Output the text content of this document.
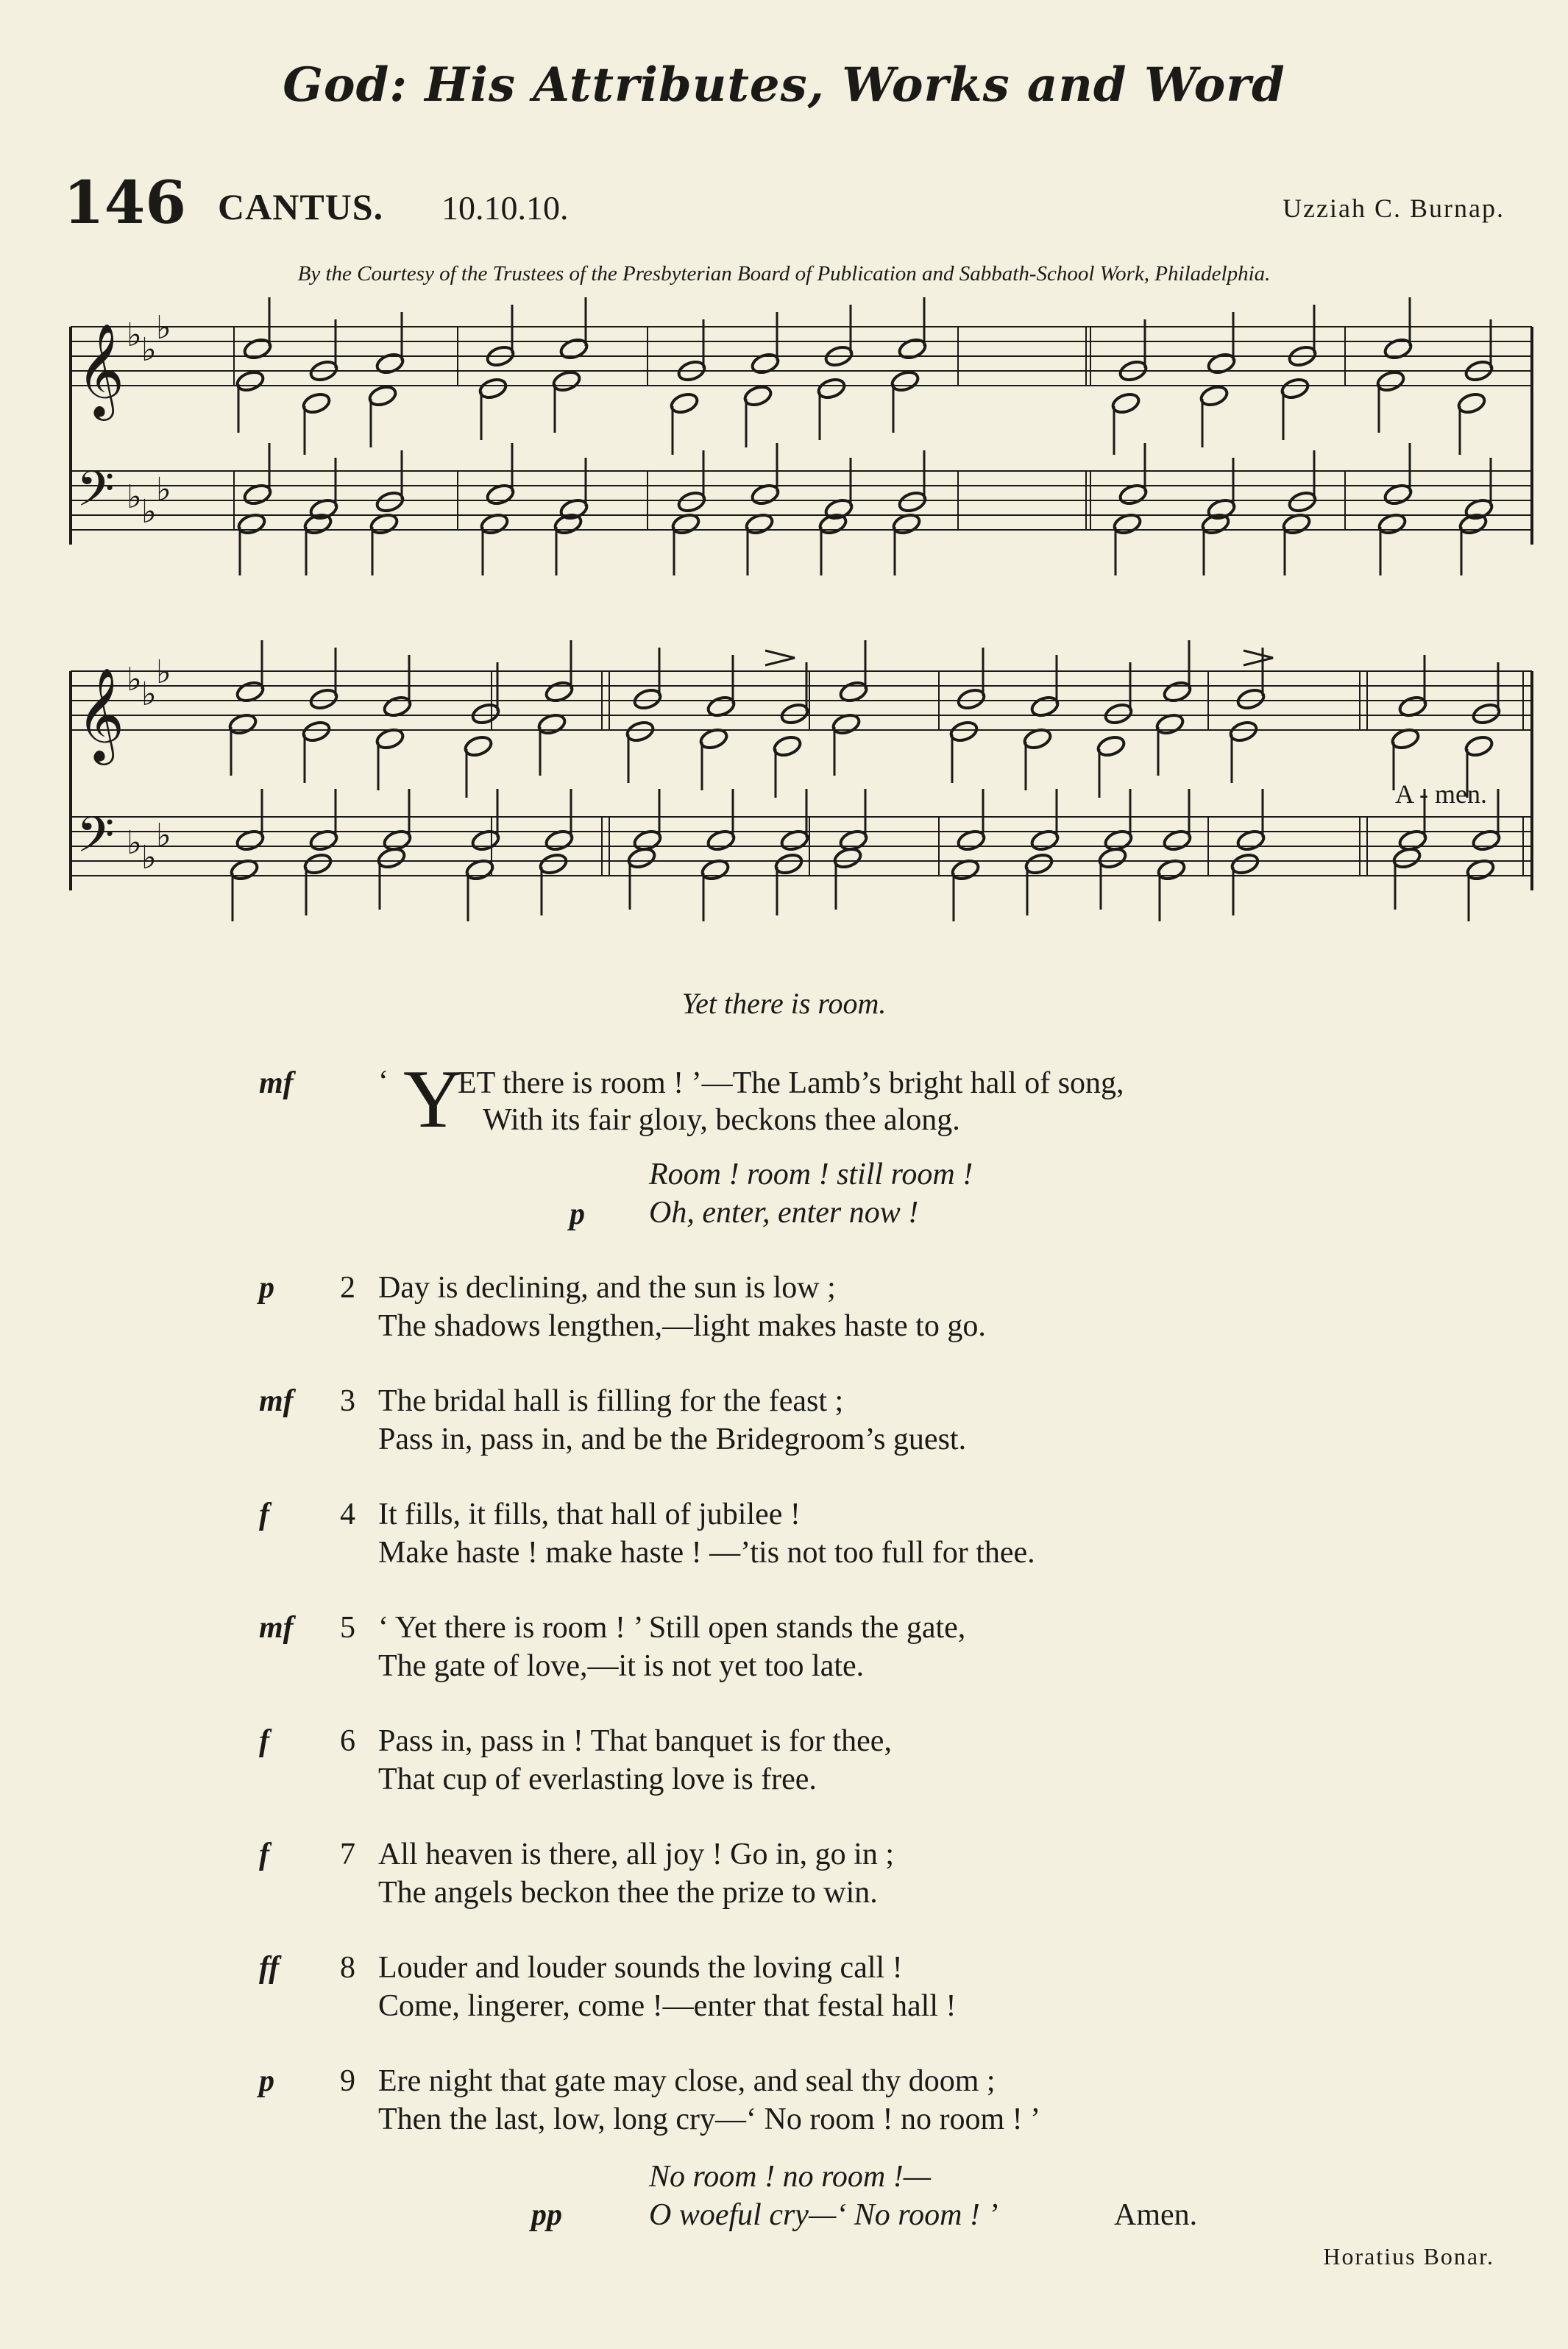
God: His Attributes, Works and Word
146 CANTUS. 10.10.10.	Uzziah C. Burnap.
By the Courtesy of the Trustees of the Presbyterian Board of Publication and Sabbath-School Work, Philadelphia.
𝄞
𝄢
𝄞
𝄢
♭ ♭
♭
♭ ♭
♭
♭ ♭
♭
♭ ♭
♭
A - men.
Yet there is room.
mf	‘ Y
ET there is room ! ’—The Lamb’s bright hall of song,
With its fair gloıy, beckons thee along.
Room ! room ! still room !
p Oh, enter, enter now !
p 2 Day is declining, and the sun is low ;
The shadows lengthen,—light makes haste to go.
mf 3 The bridal hall is filling for the feast ;
Pass in, pass in, and be the Bridegroom’s guest.
f 4 It fills, it fills, that hall of jubilee !
Make haste ! make haste ! —’tis not too full for thee.
mf 5 ‘ Yet there is room ! ’ Still open stands the gate,
The gate of love,—it is not yet too late.
f 6 Pass in, pass in ! That banquet is for thee,
That cup of everlasting love is free.
f 7 All heaven is there, all joy ! Go in, go in ;
The angels beckon thee the prize to win.
ff 8 Louder and louder sounds the loving call !
Come, lingerer, come !—enter that festal hall !
p 9 Ere night that gate may close, and seal thy doom ;
Then the last, low, long cry—‘ No room ! no room ! ’
No room ! no room !—
pp	O woeful cry—‘ No room ! ’	Amen.
Horatius Bonar.
